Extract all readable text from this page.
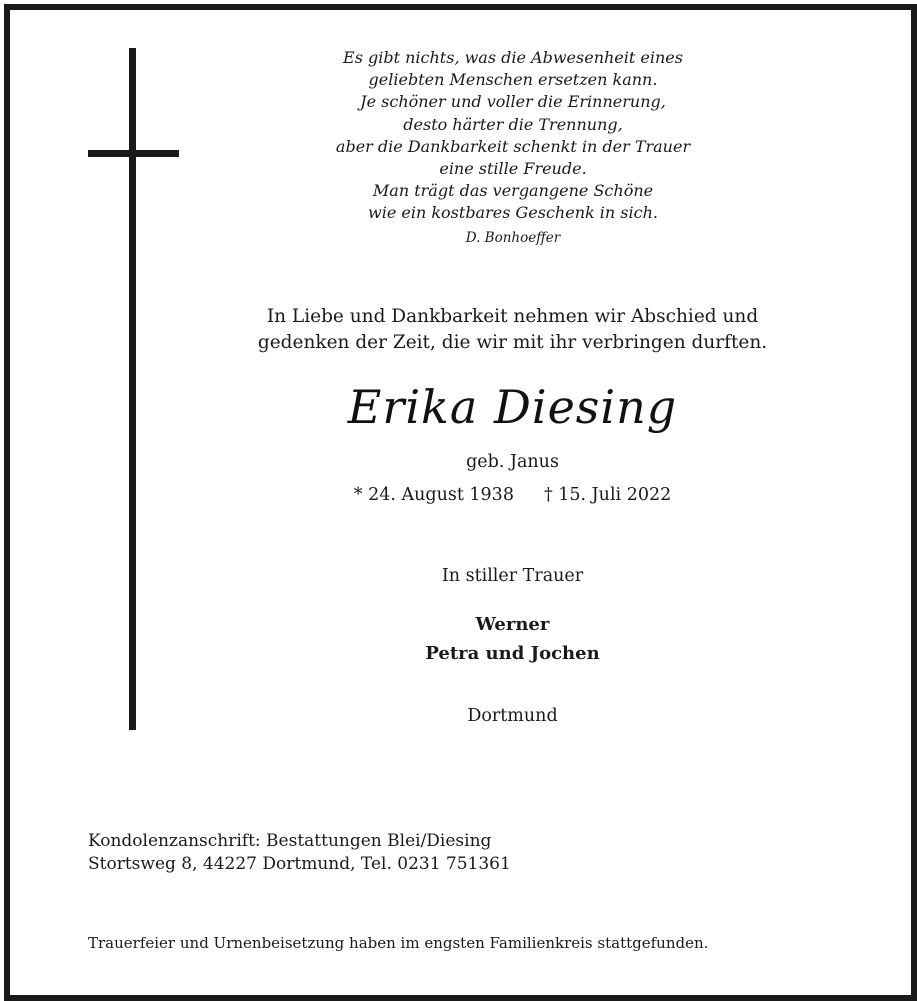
Es gibt nichts, was die Abwesenheit eines
geliebten Menschen ersetzen kann.
Je schöner und voller die Erinnerung,
desto härter die Trennung,
aber die Dankbarkeit schenkt in der Trauer
eine stille Freude.
Man trägt das vergangene Schöne
wie ein kostbares Geschenk in sich.
D. Bonhoeffer
In Liebe und Dankbarkeit nehmen wir Abschied und
gedenken der Zeit, die wir mit ihr verbringen durften.
Erika Diesing
geb. Janus
* 24. August 1938 † 15. Juli 2022
In stiller Trauer
Werner
Petra und Jochen
Dortmund
Kondolenzanschrift: Bestattungen Blei/Diesing
Stortsweg 8, 44227 Dortmund, Tel. 0231 751361
Trauerfeier und Urnenbeisetzung haben im engsten Familienkreis stattgefunden.
